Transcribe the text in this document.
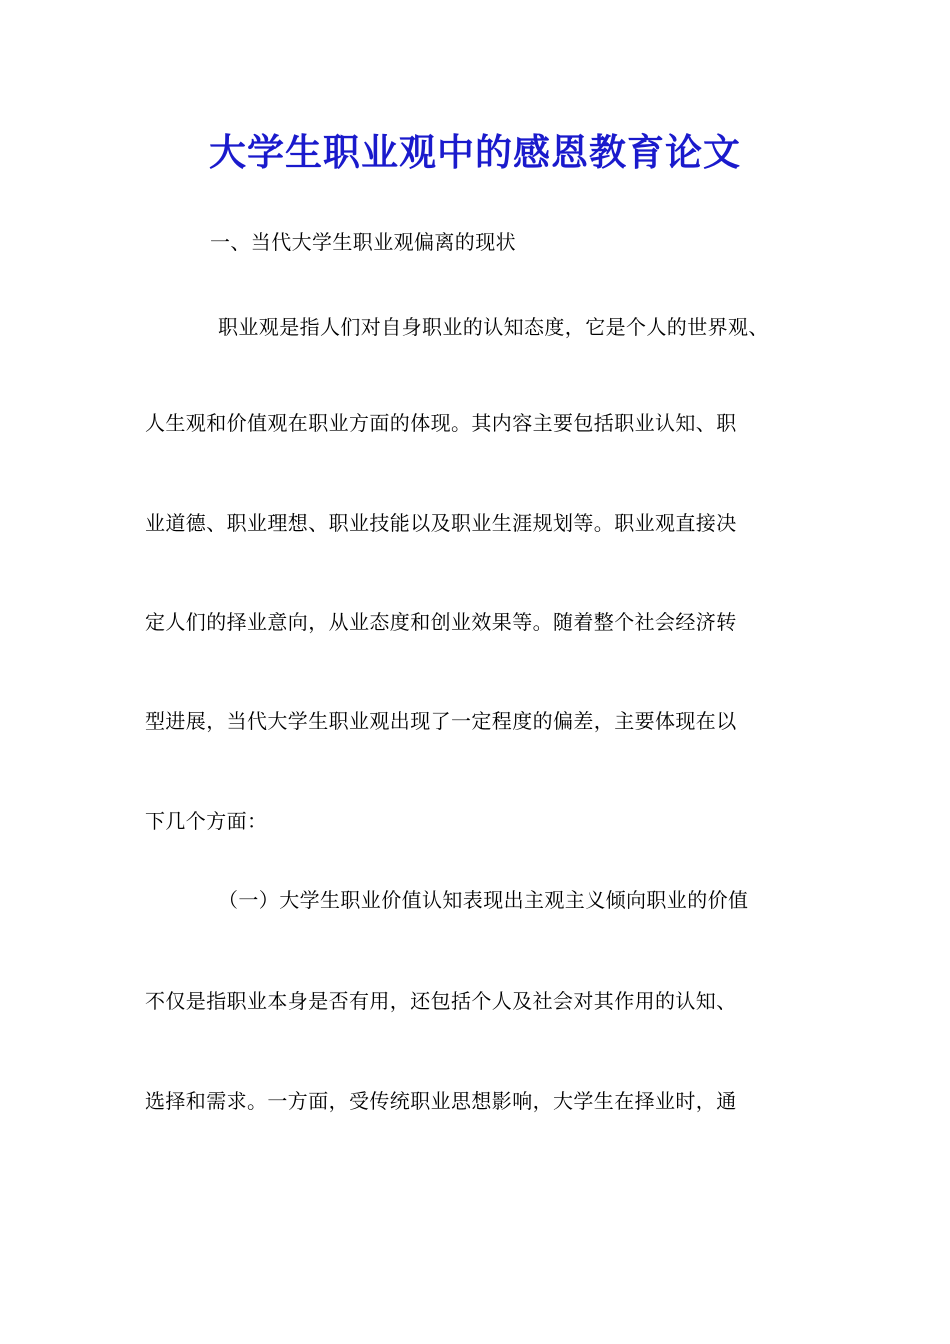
大学生职业观中的感恩教育论文
一、当代大学生职业观偏离的现状
职业观是指人们对自身职业的认知态度，它是个人的世界观、
人生观和价值观在职业方面的体现。其内容主要包括职业认知、职
业道德、职业理想、职业技能以及职业生涯规划等。职业观直接决
定人们的择业意向，从业态度和创业效果等。随着整个社会经济转
型进展，当代大学生职业观出现了一定程度的偏差，主要体现在以
下几个方面：
（一）大学生职业价值认知表现出主观主义倾向职业的价值
不仅是指职业本身是否有用，还包括个人及社会对其作用的认知、
选择和需求。一方面，受传统职业思想影响，大学生在择业时，通
